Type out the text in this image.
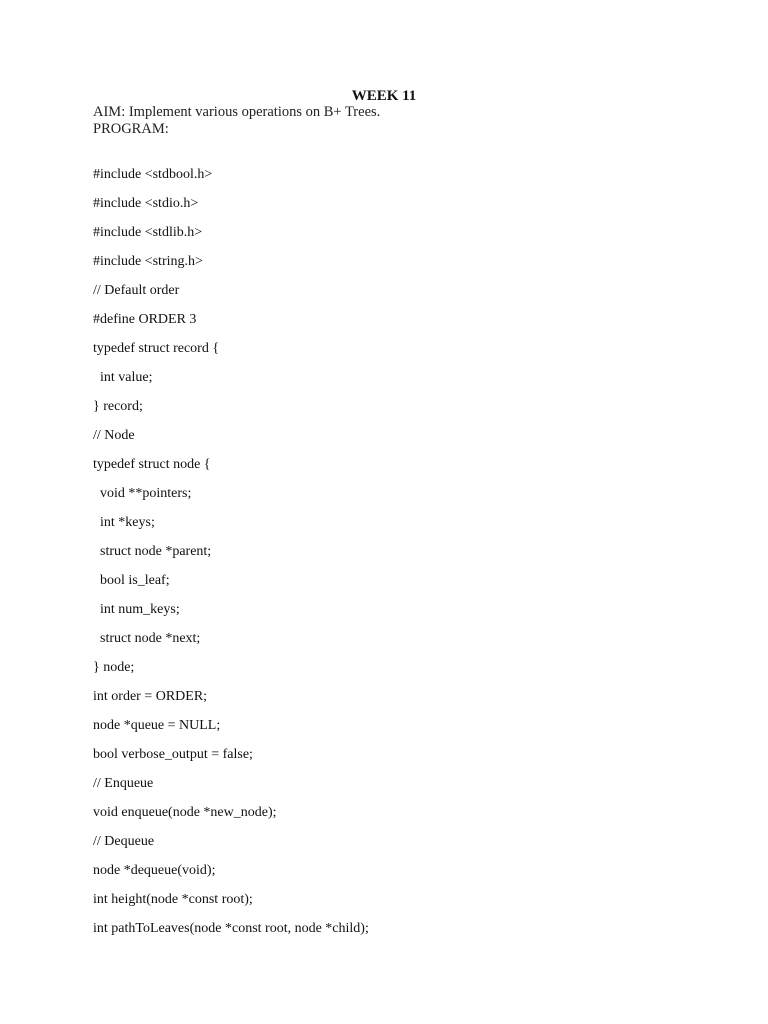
WEEK 11
AIM: Implement various operations on B+ Trees.
PROGRAM:
#include <stdbool.h>
#include <stdio.h>
#include <stdlib.h>
#include <string.h>
// Default order
#define ORDER 3
typedef struct record {
int value;
} record;
// Node
typedef struct node {
void **pointers;
int *keys;
struct node *parent;
bool is_leaf;
int num_keys;
struct node *next;
} node;
int order = ORDER;
node *queue = NULL;
bool verbose_output = false;
// Enqueue
void enqueue(node *new_node);
// Dequeue
node *dequeue(void);
int height(node *const root);
int pathToLeaves(node *const root, node *child);
